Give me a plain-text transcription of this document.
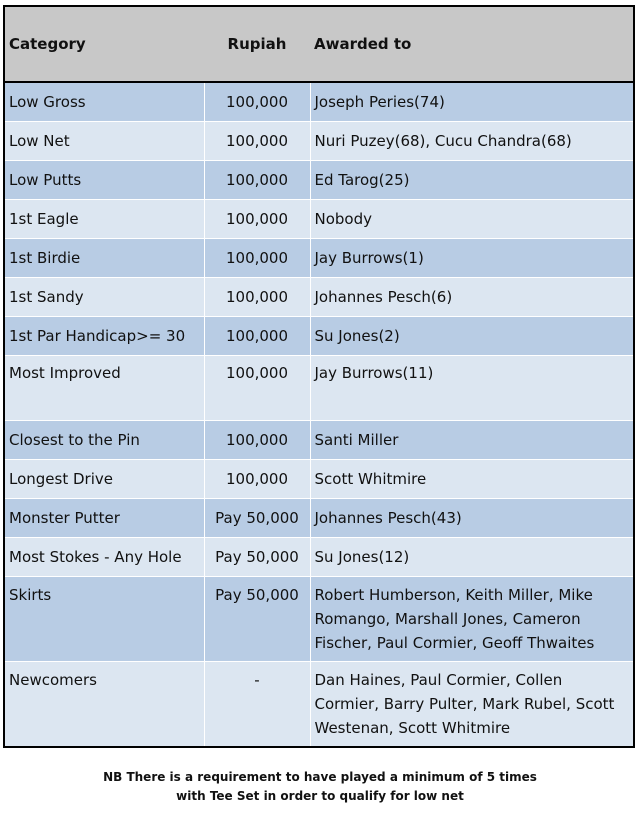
Category	Rupiah	Awarded to
Low Gross	100,000	Joseph Peries(74)
Low Net	100,000	Nuri Puzey(68), Cucu Chandra(68)
Low Putts	100,000	Ed Tarog(25)
1st Eagle	100,000	Nobody
1st Birdie	100,000	Jay Burrows(1)
1st Sandy	100,000	Johannes Pesch(6)
1st Par Handicap>= 30	100,000	Su Jones(2)
Most Improved	100,000	Jay Burrows(11)
Closest to the Pin	100,000	Santi Miller
Longest Drive	100,000	Scott Whitmire
Monster Putter	Pay 50,000	Johannes Pesch(43)
Most Stokes - Any Hole	Pay 50,000	Su Jones(12)
Skirts	Pay 50,000	Robert Humberson, Keith Miller, Mike Romango, Marshall Jones, Cameron Fischer, Paul Cormier, Geoff Thwaites
Newcomers	-	Dan Haines, Paul Cormier, Collen Cormier, Barry Pulter, Mark Rubel, Scott Westenan, Scott Whitmire
NB There is a requirement to have played a minimum of 5 times
with Tee Set in order to qualify for low net
